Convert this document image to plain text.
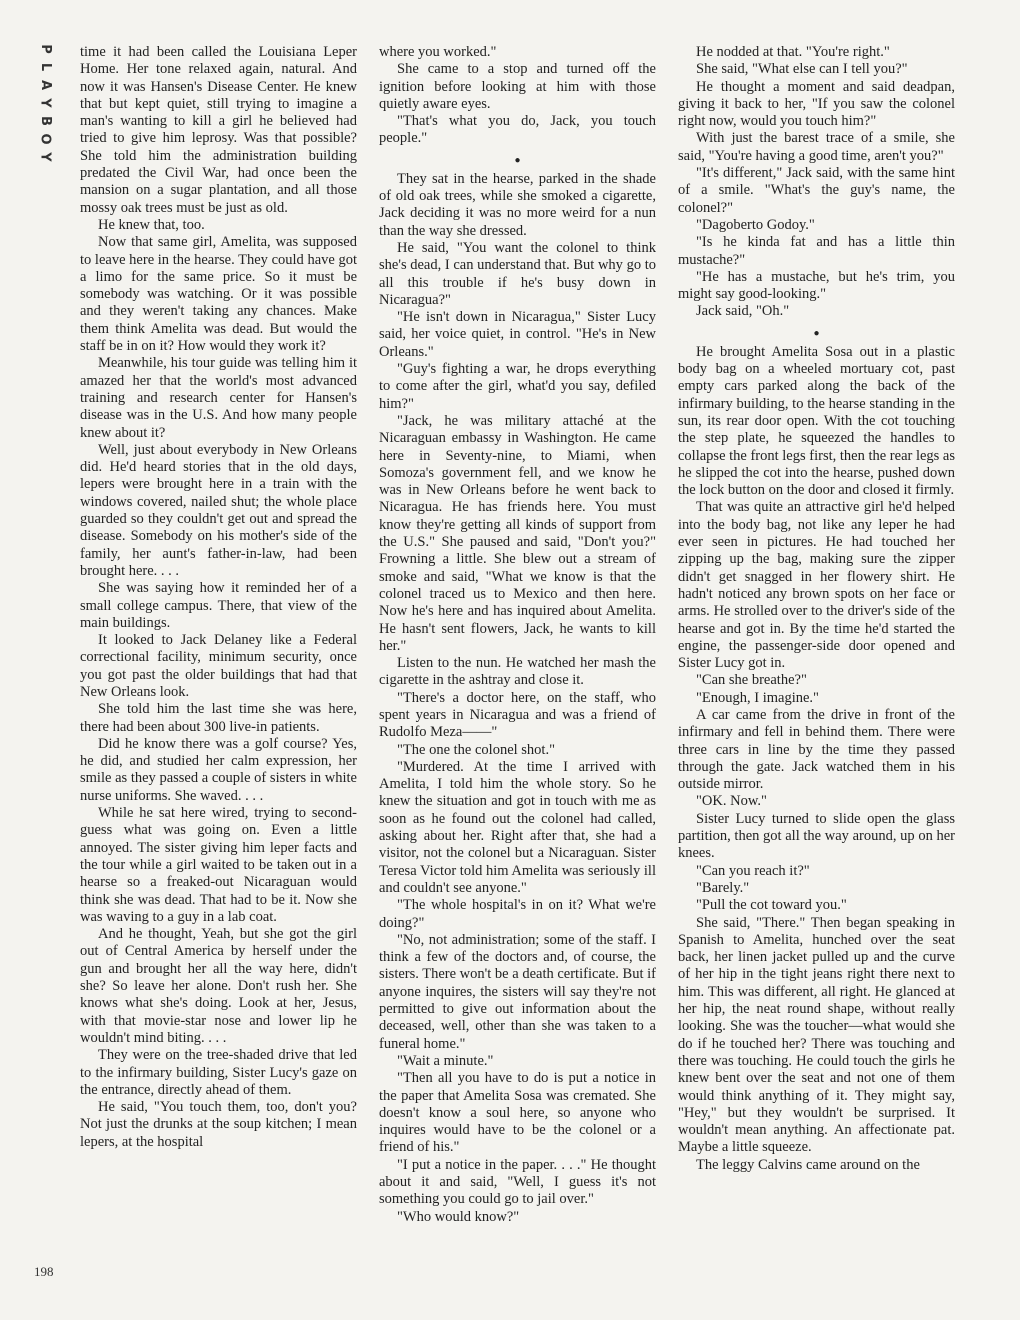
P
L
A
Y
B
O
Y
198

time it had been called the Louisiana Leper Home. Her tone relaxed again, natural. And now it was Hansen's Disease Center. He knew that but kept quiet, still trying to imagine a man's wanting to kill a girl he believed had tried to give him leprosy. Was that possible? She told him the administration building predated the Civil War, had once been the mansion on a sugar plantation, and all those mossy oak trees must be just as old.

He knew that, too.

Now that same girl, Amelita, was supposed to leave here in the hearse. They could have got a limo for the same price. So it must be somebody was watching. Or it was possible and they weren't taking any chances. Make them think Amelita was dead. But would the staff be in on it? How would they work it?

Meanwhile, his tour guide was telling him it amazed her that the world's most advanced training and research center for Hansen's disease was in the U.S. And how many people knew about it?

Well, just about everybody in New Orleans did. He'd heard stories that in the old days, lepers were brought here in a train with the windows covered, nailed shut; the whole place guarded so they couldn't get out and spread the disease. Somebody on his mother's side of the family, her aunt's father-in-law, had been brought here. . . .

She was saying how it reminded her of a small college campus. There, that view of the main buildings.

It looked to Jack Delaney like a Federal correctional facility, minimum security, once you got past the older buildings that had that New Orleans look.

She told him the last time she was here, there had been about 300 live-in patients.

Did he know there was a golf course? Yes, he did, and studied her calm expression, her smile as they passed a couple of sisters in white nurse uniforms. She waved. . . .

While he sat here wired, trying to second-guess what was going on. Even a little annoyed. The sister giving him leper facts and the tour while a girl waited to be taken out in a hearse so a freaked-out Nicaraguan would think she was dead. That had to be it. Now she was waving to a guy in a lab coat.

And he thought, Yeah, but she got the girl out of Central America by herself under the gun and brought her all the way here, didn't she? So leave her alone. Don't rush her. She knows what she's doing. Look at her, Jesus, with that movie-star nose and lower lip he wouldn't mind biting. . . .

They were on the tree-shaded drive that led to the infirmary building, Sister Lucy's gaze on the entrance, directly ahead of them.

He said, "You touch them, too, don't you? Not just the drunks at the soup kitchen; I mean lepers, at the hospital

where you worked."

She came to a stop and turned off the ignition before looking at him with those quietly aware eyes.

"That's what you do, Jack, you touch people."

●

They sat in the hearse, parked in the shade of old oak trees, while she smoked a cigarette, Jack deciding it was no more weird for a nun than the way she dressed.

He said, "You want the colonel to think she's dead, I can understand that. But why go to all this trouble if he's busy down in Nicaragua?"

"He isn't down in Nicaragua," Sister Lucy said, her voice quiet, in control. "He's in New Orleans."

"Guy's fighting a war, he drops everything to come after the girl, what'd you say, defiled him?"

"Jack, he was military attaché at the Nicaraguan embassy in Washington. He came here in Seventy-nine, to Miami, when Somoza's government fell, and we know he was in New Orleans before he went back to Nicaragua. He has friends here. You must know they're getting all kinds of support from the U.S." She paused and said, "Don't you?" Frowning a little. She blew out a stream of smoke and said, "What we know is that the colonel traced us to Mexico and then here. Now he's here and has inquired about Amelita. He hasn't sent flowers, Jack, he wants to kill her."

Listen to the nun. He watched her mash the cigarette in the ashtray and close it.

"There's a doctor here, on the staff, who spent years in Nicaragua and was a friend of Rudolfo Meza——"

"The one the colonel shot."

"Murdered. At the time I arrived with Amelita, I told him the whole story. So he knew the situation and got in touch with me as soon as he found out the colonel had called, asking about her. Right after that, she had a visitor, not the colonel but a Nicaraguan. Sister Teresa Victor told him Amelita was seriously ill and couldn't see anyone."

"The whole hospital's in on it? What we're doing?"

"No, not administration; some of the staff. I think a few of the doctors and, of course, the sisters. There won't be a death certificate. But if anyone inquires, the sisters will say they're not permitted to give out information about the deceased, well, other than she was taken to a funeral home."

"Wait a minute."

"Then all you have to do is put a notice in the paper that Amelita Sosa was cremated. She doesn't know a soul here, so anyone who inquires would have to be the colonel or a friend of his."

"I put a notice in the paper. . . ." He thought about it and said, "Well, I guess it's not something you could go to jail over."

"Who would know?"

He nodded at that. "You're right."

She said, "What else can I tell you?"

He thought a moment and said deadpan, giving it back to her, "If you saw the colonel right now, would you touch him?"

With just the barest trace of a smile, she said, "You're having a good time, aren't you?"

"It's different," Jack said, with the same hint of a smile. "What's the guy's name, the colonel?"

"Dagoberto Godoy."

"Is he kinda fat and has a little thin mustache?"

"He has a mustache, but he's trim, you might say good-looking."

Jack said, "Oh."

●

He brought Amelita Sosa out in a plastic body bag on a wheeled mortuary cot, past empty cars parked along the back of the infirmary building, to the hearse standing in the sun, its rear door open. With the cot touching the step plate, he squeezed the handles to collapse the front legs first, then the rear legs as he slipped the cot into the hearse, pushed down the lock button on the door and closed it firmly.

That was quite an attractive girl he'd helped into the body bag, not like any leper he had ever seen in pictures. He had touched her zipping up the bag, making sure the zipper didn't get snagged in her flowery shirt. He hadn't noticed any brown spots on her face or arms. He strolled over to the driver's side of the hearse and got in. By the time he'd started the engine, the passenger-side door opened and Sister Lucy got in.

"Can she breathe?"

"Enough, I imagine."

A car came from the drive in front of the infirmary and fell in behind them. There were three cars in line by the time they passed through the gate. Jack watched them in his outside mirror.

"OK. Now."

Sister Lucy turned to slide open the glass partition, then got all the way around, up on her knees.

"Can you reach it?"

"Barely."

"Pull the cot toward you."

She said, "There." Then began speaking in Spanish to Amelita, hunched over the seat back, her linen jacket pulled up and the curve of her hip in the tight jeans right there next to him. This was different, all right. He glanced at her hip, the neat round shape, without really looking. She was the toucher—what would she do if he touched her? There was touching and there was touching. He could touch the girls he knew bent over the seat and not one of them would think anything of it. They might say, "Hey," but they wouldn't be surprised. It wouldn't mean anything. An affectionate pat. Maybe a little squeeze.

The leggy Calvins came around on the
